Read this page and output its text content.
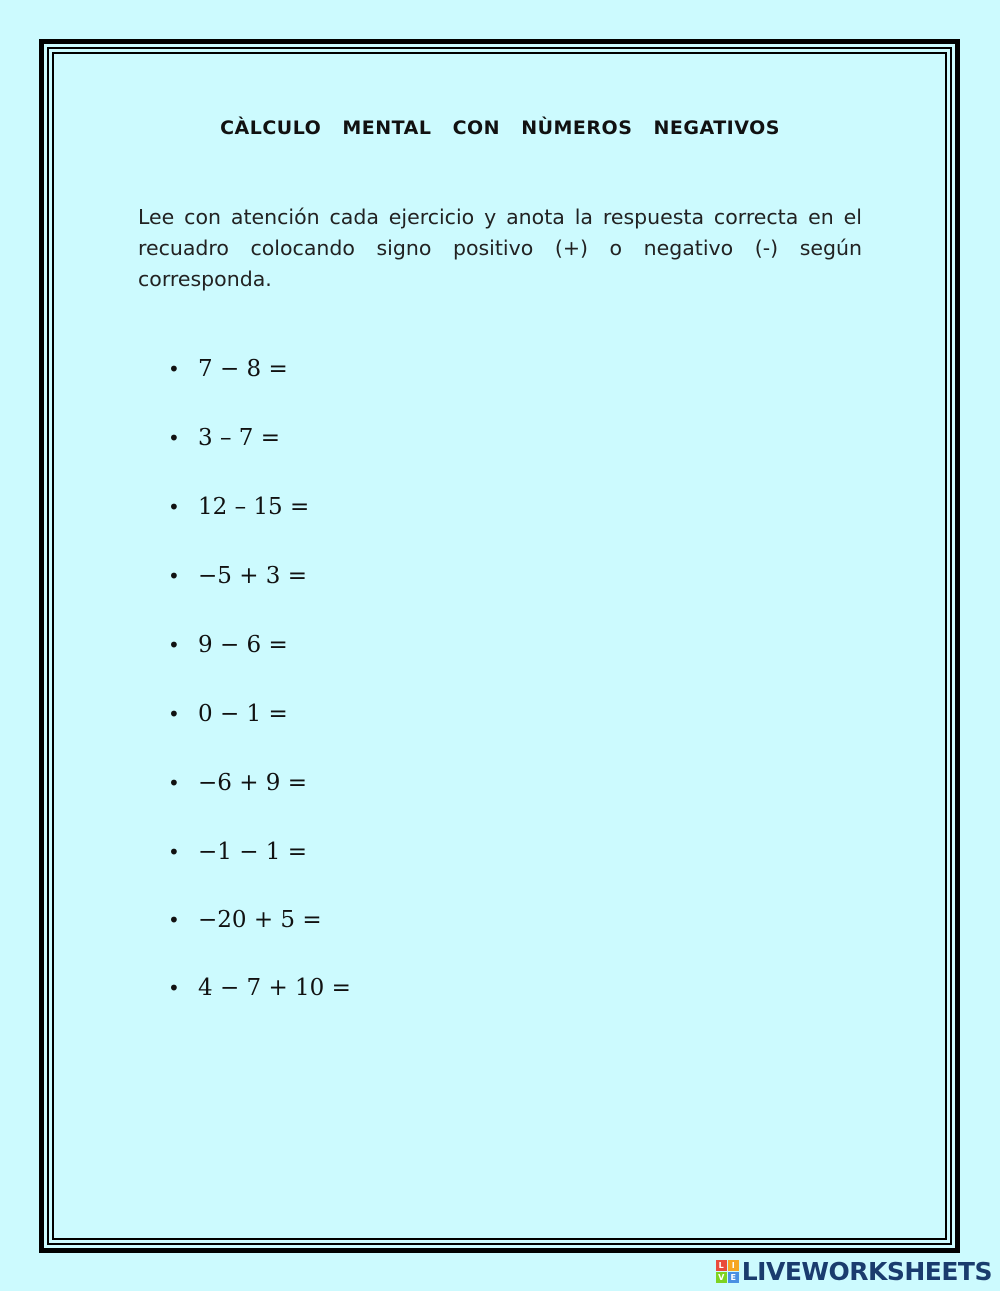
CÀLCULO MENTAL CON NÙMEROS NEGATIVOS
Lee con atención cada ejercicio y anota la respuesta correcta en el recuadro colocando signo positivo (+) o negativo (-) según corresponda.
• 7 − 8 =
• 3 – 7 =
• 12 – 15 =
• −5 + 3 =
• 9 − 6 =
• 0 − 1 =
• −6 + 9 =
• −1 − 1 =
• −20 + 5 =
• 4 − 7 + 10 =
L I
V E LIVEWORKSHEETS
